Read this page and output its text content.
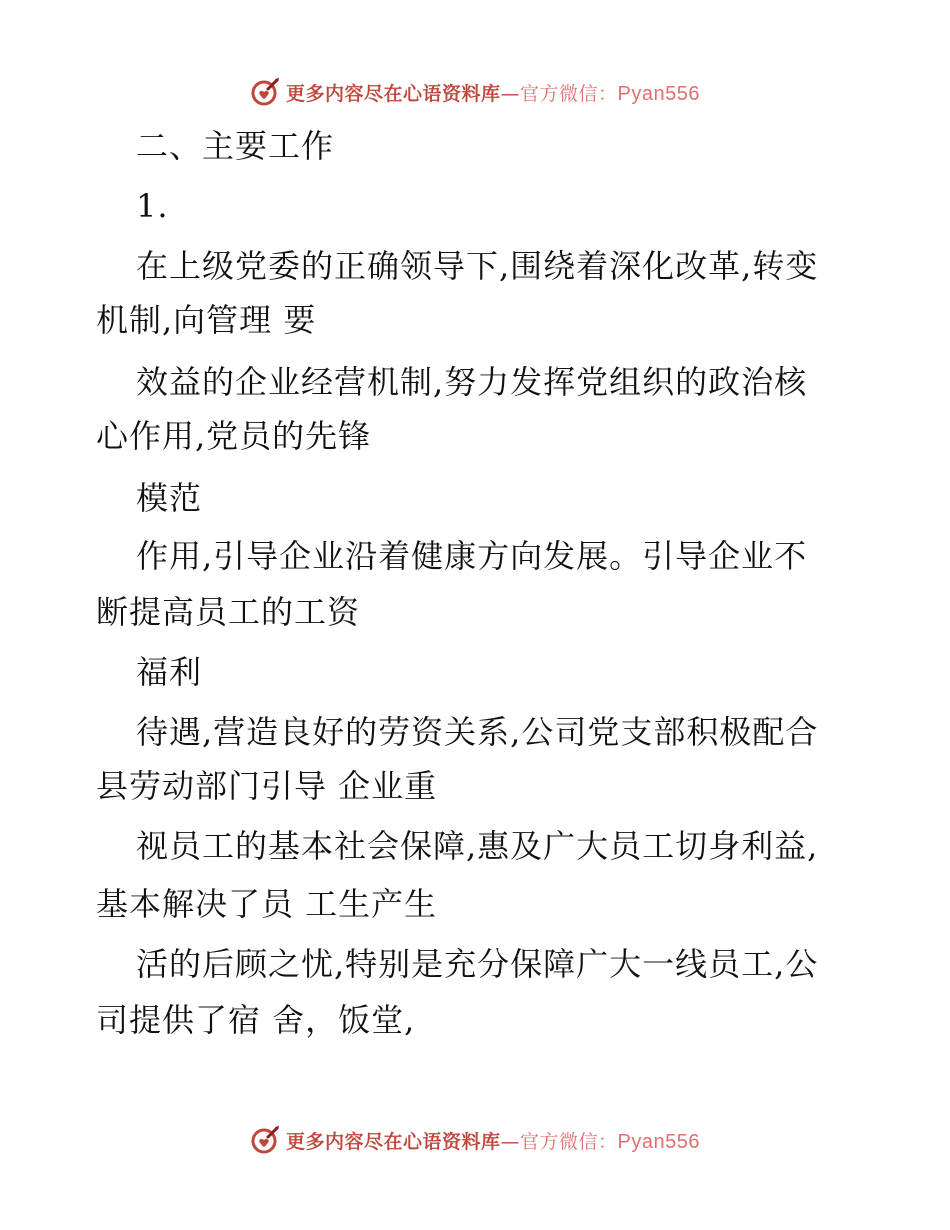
更多内容尽在心语资料库—官方微信：Pyan556
二、主要工作
1.
在上级党委的正确领导下,围绕着深化改革,转变
机制,向管理 要
效益的企业经营机制,努力发挥党组织的政治核
心作用,党员的先锋
模范
作用,引导企业沿着健康方向发展。引导企业不
断提高员工的工资
福利
待遇,营造良好的劳资关系,公司党支部积极配合
县劳动部门引导 企业重
视员工的基本社会保障,惠及广大员工切身利益,
基本解决了员 工生产生
活的后顾之忧,特别是充分保障广大一线员工,公
司提供了宿 舍，饭堂,
更多内容尽在心语资料库—官方微信：Pyan556
